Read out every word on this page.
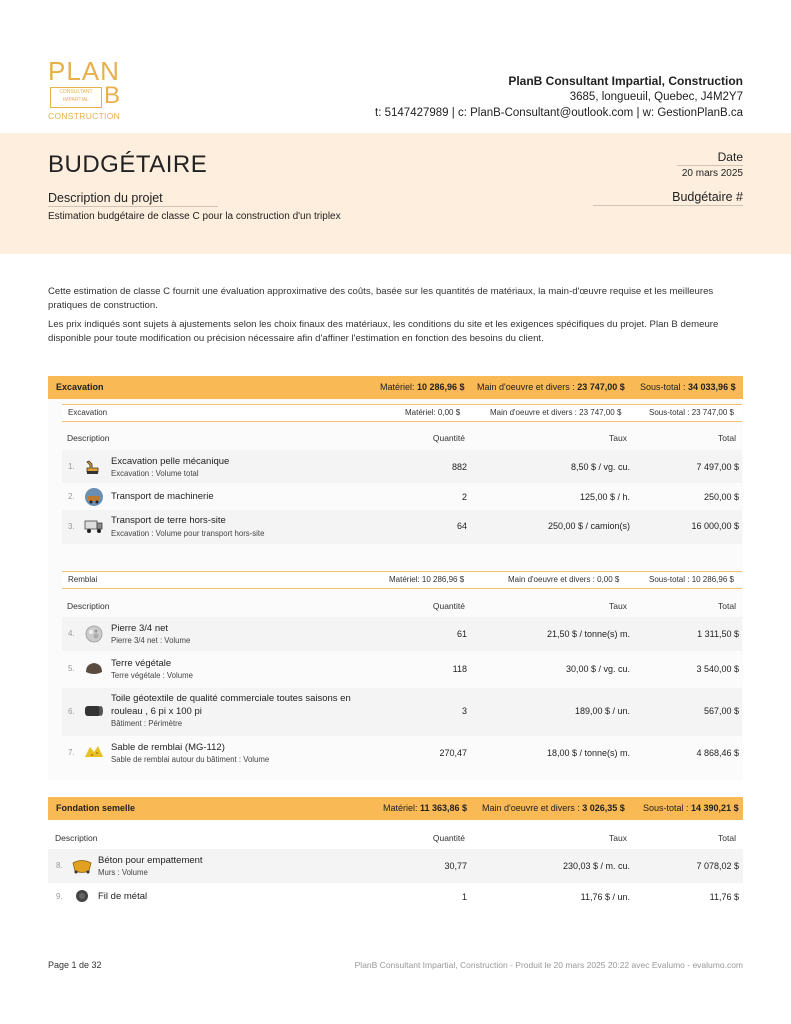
PLAN
CONSULTANT
IMPARTIAL B
CONSTRUCTION
PlanB Consultant Impartial, Construction
3685, longueuil, Quebec, J4M2Y7
t: 5147427989 | c: PlanB-Consultant@outlook.com | w: GestionPlanB.ca
BUDGÉTAIRE
Description du projet
Estimation budgétaire de classe C pour la construction d'un triplex
Date
20 mars 2025
Budgétaire #
Cette estimation de classe C fournit une évaluation approximative des coûts, basée sur les quantités de matériaux, la main-d'œuvre requise et les meilleures pratiques de construction.
Les prix indiqués sont sujets à ajustements selon les choix finaux des matériaux, les conditions du site et les exigences spécifiques du projet. Plan B demeure disponible pour toute modification ou précision nécessaire afin d'affiner l'estimation en fonction des besoins du client.
Excavation	Matériel: 10 286,96 $ Main d'oeuvre et divers : 23 747,00 $ Sous-total : 34 033,96 $
Excavation	Matériel: 0,00 $	Main d'oeuvre et divers : 23 747,00 $	Sous-total : 23 747,00 $
Description	Quantité	Taux	Total
1.	Excavation pelle mécanique
Excavation : Volume total
882	8,50 $ / vg. cu.	7 497,00 $
2.	Transport de machinerie	2	125,00 $ / h.	250,00 $
3.
Transport de terre hors-site
Excavation : Volume pour transport hors-site
64	250,00 $ / camion(s)	16 000,00 $
Remblai	Matériel: 10 286,96 $	Main d'oeuvre et divers : 0,00 $	Sous-total : 10 286,96 $
Description	Quantité	Taux	Total
4.	Pierre 3/4 net
Pierre 3/4 net : Volume
61	21,50 $ / tonne(s) m.	1 311,50 $
5.	Terre végétale
Terre végétale : Volume
118	30,00 $ / vg. cu.	3 540,00 $
6.
Toile géotextile de qualité commerciale toutes saisons en
rouleau , 6 pi x 100 pi
Bâtiment : Périmètre
3	189,00 $ / un.	567,00 $
7.	Sable de remblai (MG-112)
Sable de remblai autour du bâtiment : Volume
270,47	18,00 $ / tonne(s) m.	4 868,46 $
Fondation semelle	Matériel: 11 363,86 $ Main d'oeuvre et divers : 3 026,35 $ Sous-total : 14 390,21 $
Description	Quantité	Taux	Total
8.	Béton pour empattement
Murs : Volume
30,77	230,03 $ / m. cu.	7 078,02 $
9.	Fil de métal	1	11,76 $ / un.	11,76 $
Page 1 de 32	PlanB Consultant Impartial, Construction - Produit le 20 mars 2025 20:22 avec Evalumo - evalumo.com
